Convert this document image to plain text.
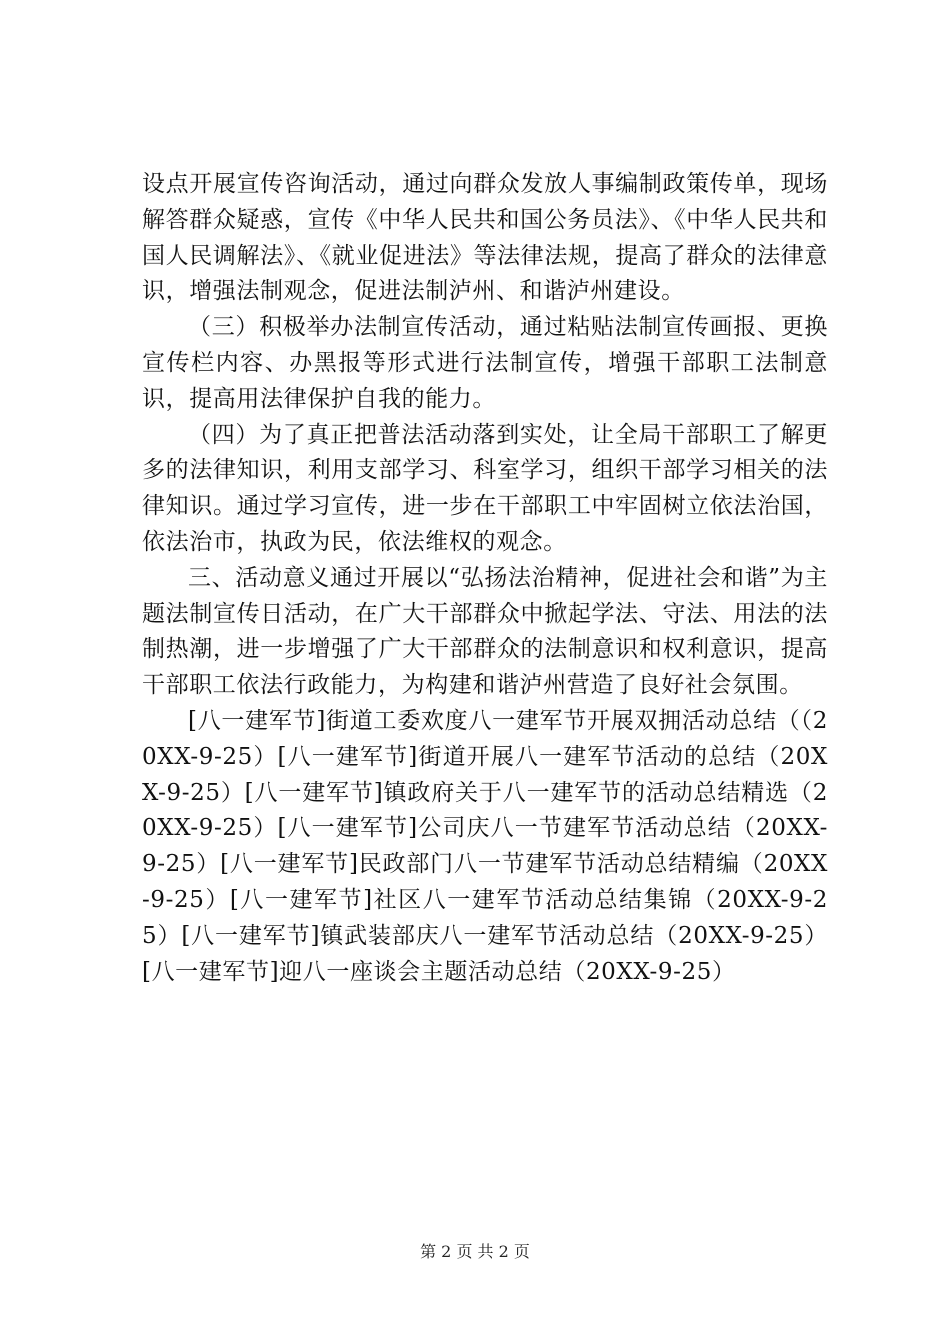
设点开展宣传咨询活动，通过向群众发放人事编制政策传单，现场解答群众疑惑，宣传《中华人民共和国公务员法》、《中华人民共和国人民调解法》、《就业促进法》等法律法规，提高了群众的法律意识，增强法制观念，促进法制泸州、和谐泸州建设。

（三）积极举办法制宣传活动，通过粘贴法制宣传画报、更换宣传栏内容、办黑报等形式进行法制宣传，增强干部职工法制意识，提高用法律保护自我的能力。

（四）为了真正把普法活动落到实处，让全局干部职工了解更多的法律知识，利用支部学习、科室学习，组织干部学习相关的法律知识。通过学习宣传，进一步在干部职工中牢固树立依法治国，依法治市，执政为民，依法维权的观念。

三、活动意义通过开展以“弘扬法治精神，促进社会和谐”为主题法制宣传日活动，在广大干部群众中掀起学法、守法、用法的法制热潮，进一步增强了广大干部群众的法制意识和权利意识，提高干部职工依法行政能力，为构建和谐泸州营造了良好社会氛围。

[八一建军节]街道工委欢度八一建军节开展双拥活动总结（（20XX-9-25）[八一建军节]街道开展八一建军节活动的总结（20XX-9-25）[八一建军节]镇政府关于八一建军节的活动总结精选（20XX-9-25）[八一建军节]公司庆八一节建军节活动总结（20XX-9-25）[八一建军节]民政部门八一节建军节活动总结精编（20XX-9-25）[八一建军节]社区八一建军节活动总结集锦（20XX-9-25）[八一建军节]镇武装部庆八一建军节活动总结（20XX-9-25）[八一建军节]迎八一座谈会主题活动总结（20XX-9-25）

第 2 页 共 2 页
